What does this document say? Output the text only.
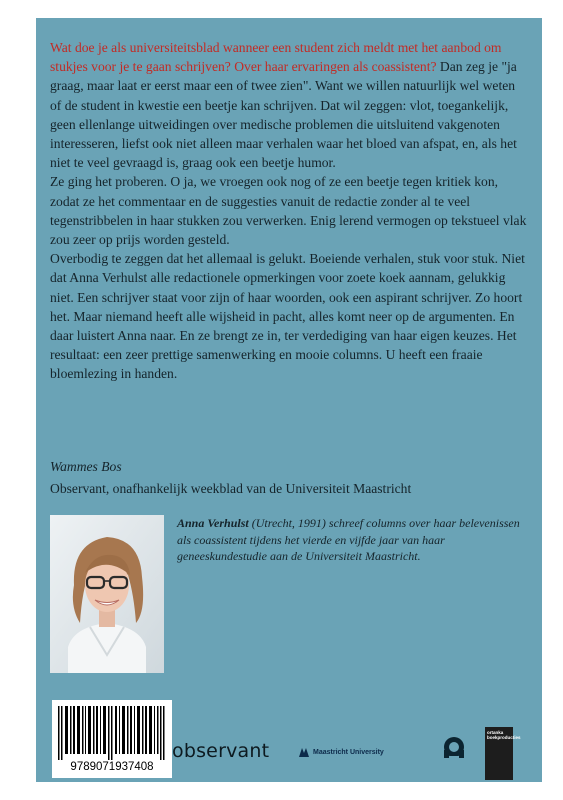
Wat doe je als universiteitsblad wanneer een student zich meldt met het aanbod om stukjes voor je te gaan schrijven? Over haar ervaringen als coassistent? Dan zeg je "ja graag, maar laat er eerst maar een of twee zien". Want we willen natuurlijk wel weten of de student in kwestie een beetje kan schrijven. Dat wil zeggen: vlot, toegankelijk, geen ellenlange uitweidingen over medische problemen die uitsluitend vakgenoten interesseren, liefst ook niet alleen maar verhalen waar het bloed van afspat, en, als het niet te veel gevraagd is, graag ook een beetje humor.

Ze ging het proberen. O ja, we vroegen ook nog of ze een beetje tegen kritiek kon, zodat ze het commentaar en de suggesties vanuit de redactie zonder al te veel tegenstribbelen in haar stukken zou verwerken. Enig lerend vermogen op tekstueel vlak zou zeer op prijs worden gesteld.

Overbodig te zeggen dat het allemaal is gelukt. Boeiende verhalen, stuk voor stuk. Niet dat Anna Verhulst alle redactionele opmerkingen voor zoete koek aannam, gelukkig niet. Een schrijver staat voor zijn of haar woorden, ook een aspirant schrijver. Zo hoort het. Maar niemand heeft alle wijsheid in pacht, alles komt neer op de argumenten. En daar luistert Anna naar. En ze brengt ze in, ter verdediging van haar eigen keuzes. Het resultaat: een zeer prettige samenwerking en mooie columns. U heeft een fraaie bloemlezing in handen.

Wammes Bos
Observant, onafhankelijk weekblad van de Universiteit Maastricht
Anna Verhulst (Utrecht, 1991) schreef columns over haar belevenissen als coassistent tijdens het vierde en vijfde jaar van haar geneeskundestudie aan de Universiteit Maastricht.
9789071937408
observant	Maastricht University
ortanka boekproducties
